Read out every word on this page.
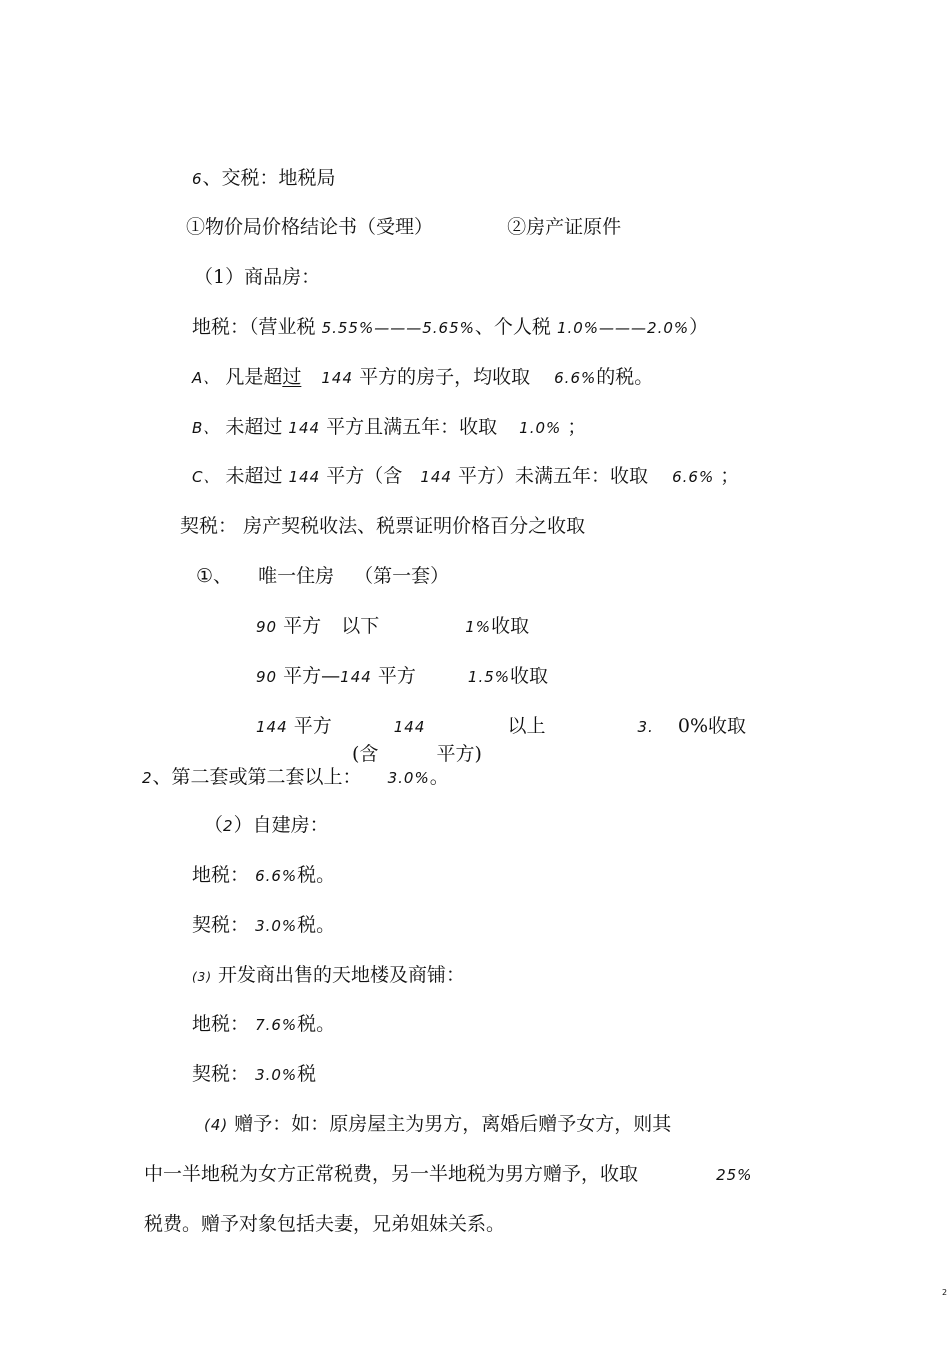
6、交税：地税局
①物价局价格结论书（受理）	②房产证原件
（1）商品房：
地税：（营业税 5.55%———5.65%、个人税 1.0%———2.0%）
A、 凡是超过 144 平方的房子，均收取 6.6%的税。
B、 未超过 144 平方且满五年：收取 1.0% ；
C、 未超过 144 平方（含 144 平方）未满五年：收取 6.6% ；
契税： 房产契税收法、税票证明价格百分之收取
①、 唯一住房 （第一套）
90 平方 以下	1%收取
90 平方—144 平方	1.5%收取
144 平方	144	以上	3. 0%收取
(含	平方)
2、第二套或第二套以上： 3.0%。
（2）自建房：
地税： 6.6%税。
契税： 3.0%税。
(3) 开发商出售的天地楼及商铺：
地税： 7.6%税。
契税： 3.0%税
(4) 赠予：如：原房屋主为男方，离婚后赠予女方，则其
中一半地税为女方正常税费，另一半地税为男方赠予，收取	25%
税费。赠予对象包括夫妻，兄弟姐妹关系。
2
